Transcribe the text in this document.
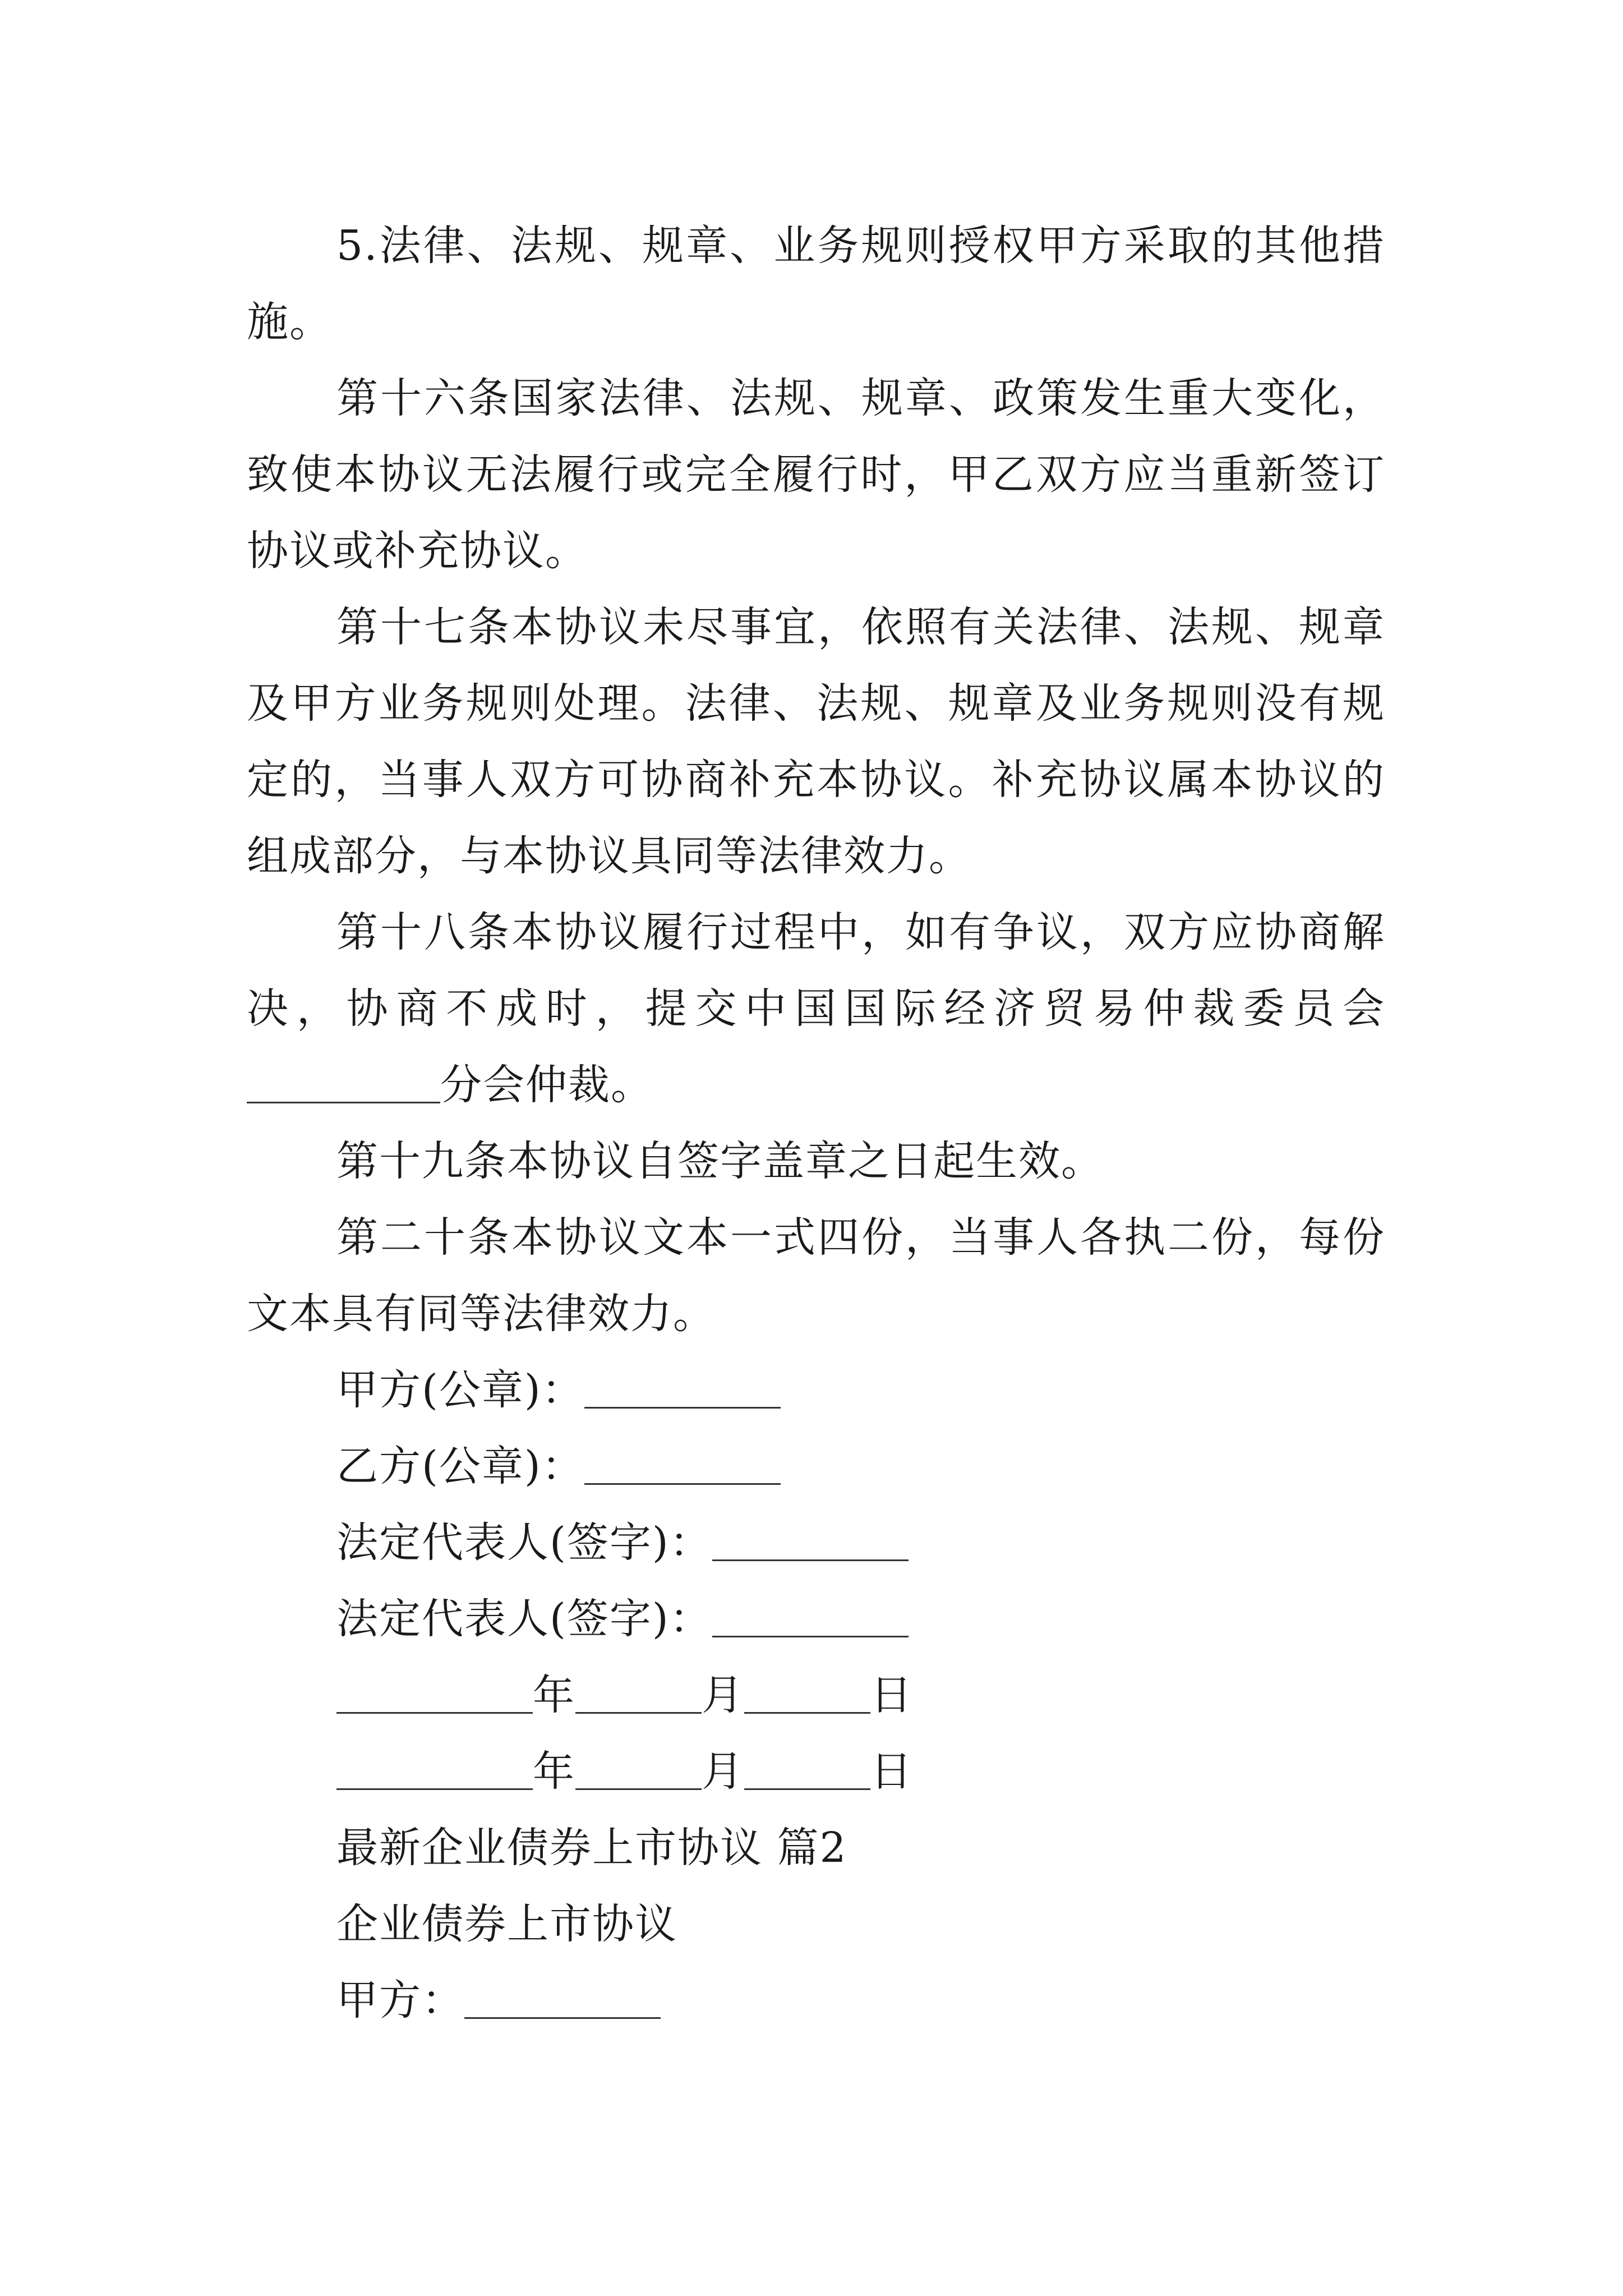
5.法律、法规、规章、业务规则授权甲方采取的其他措施。

第十六条国家法律、法规、规章、政策发生重大变化，致使本协议无法履行或完全履行时，甲乙双方应当重新签订协议或补充协议。

第十七条本协议未尽事宜，依照有关法律、法规、规章及甲方业务规则处理。法律、法规、规章及业务规则没有规定的，当事人双方可协商补充本协议。补充协议属本协议的组成部分，与本协议具同等法律效力。

第十八条本协议履行过程中，如有争议，双方应协商解决，协商不成时，提交中国国际经济贸易仲裁委员会分会仲裁。

第十九条本协议自签字盖章之日起生效。

第二十条本协议文本一式四份，当事人各执二份，每份文本具有同等法律效力。

甲方(公章)：

乙方(公章)：

法定代表人(签字)：

法定代表人(签字)：

年	月	日

年	月	日

最新企业债券上市协议 篇2

企业债券上市协议

甲方：
